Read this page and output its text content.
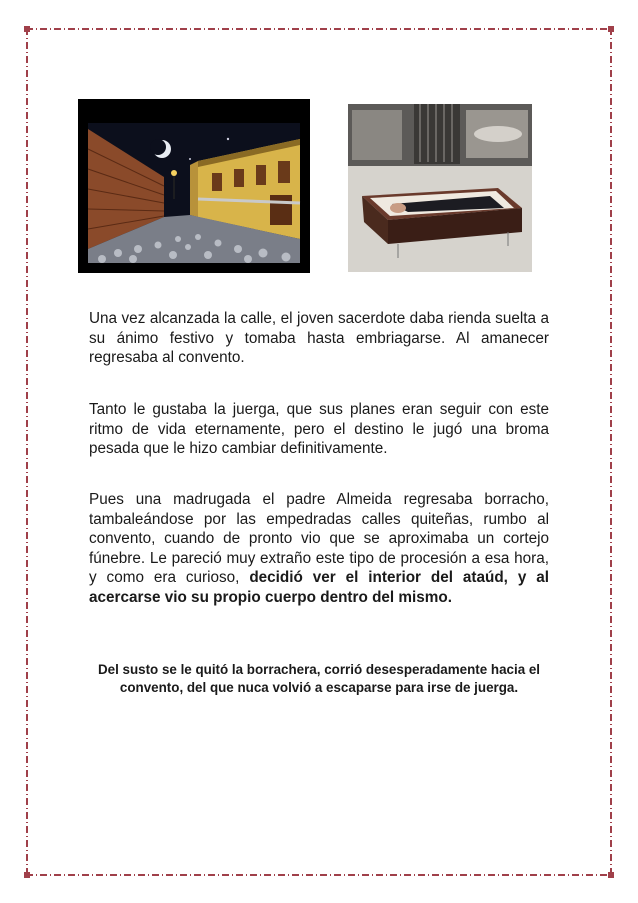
Una vez alcanzada la calle, el joven sacerdote daba rienda suelta a su ánimo festivo y tomaba hasta embriagarse. Al amanecer regresaba al convento.
Tanto le gustaba la juerga, que sus planes eran seguir con este ritmo de vida eternamente, pero el destino le jugó una broma pesada que le hizo cambiar definitivamente.
Pues una madrugada el padre Almeida regresaba borracho, tambaleándose por las empedradas calles quiteñas, rumbo al convento, cuando de pronto vio que se aproximaba un cortejo fúnebre. Le pareció muy extraño este tipo de procesión a esa hora, y como era curioso, decidió ver el interior del ataúd, y al acercarse vio su propio cuerpo dentro del mismo.
Del susto se le quitó la borrachera, corrió desesperadamente hacia el convento, del que nuca volvió a escaparse para irse de juerga.
